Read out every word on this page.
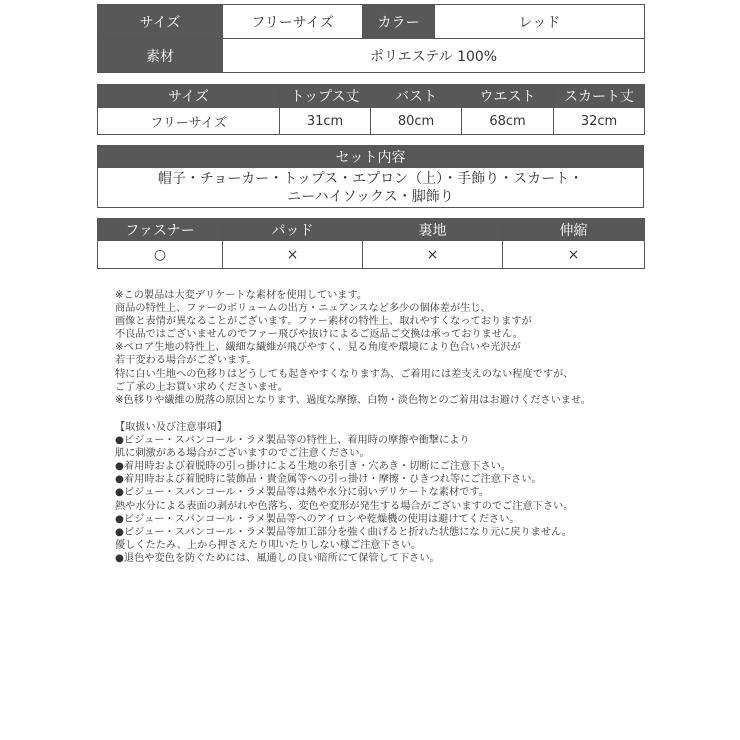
サイズ	フリーサイズ	カラー	レッド
素材	ポリエステル 100%		
サイズ	トップス丈	バスト	ウエスト	スカート丈
フリーサイズ	31cm	80cm	68cm	32cm
セット内容

帽子・チョーカー・トップス・エプロン（上）・手飾り・スカート・
ニーハイソックス・脚飾り
ファスナー	パッド	裏地	伸縮
○	×	×	×
※この製品は大変デリケートな素材を使用しています。
商品の特性上、ファーのボリュームの出方・ニュアンスなど多少の個体差が生じ、
画像と表情が異なることがございます。ファー素材の特性上、取れやすくなっておりますが
不良品ではございませんのでファー飛びや抜けによるご返品ご交換は承っておりません。
※ベロア生地の特性上、繊細な繊維が飛びやすく、見る角度や環境により色合いや光沢が
若干変わる場合がございます。
特に白い生地への色移りはどうしても起きやすくなります為、ご着用には差支えのない程度ですが、
ご了承の上お買い求めくださいませ。
※色移りや繊維の脱落の原因となります、過度な摩擦、白物・淡色物とのご着用はお避けくださいませ。
【取扱い及び注意事項】
●ビジュー・スパンコール・ラメ製品等の特性上、着用時の摩擦や衝撃により
肌に刺激がある場合がございますのでご注意ください。
●着用時および着脱時の引っ掛けによる生地の糸引き・穴あき・切断にご注意下さい。
●着用時および着脱時に装飾品・貴金属等への引っ掛け・摩擦・ひきつれ等にご注意下さい。
●ビジュー・スパンコール・ラメ製品等は熱や水分に弱いデリケートな素材です。
熱や水分による表面の剥がれや色落ち、変色や変形が発生する場合がございますのでご注意下さい。
●ビジュー・スパンコール・ラメ製品等へのアイロンや乾燥機の使用は避けてください。
●ビジュー・スパンコール・ラメ製品等加工部分を強く曲げると折れた状態になり元に戻りません。
優しくたたみ、上から押さえたり叩いたりしない様ご注意下さい。
●退色や変色を防ぐためには、風通しの良い暗所にて保管して下さい。
